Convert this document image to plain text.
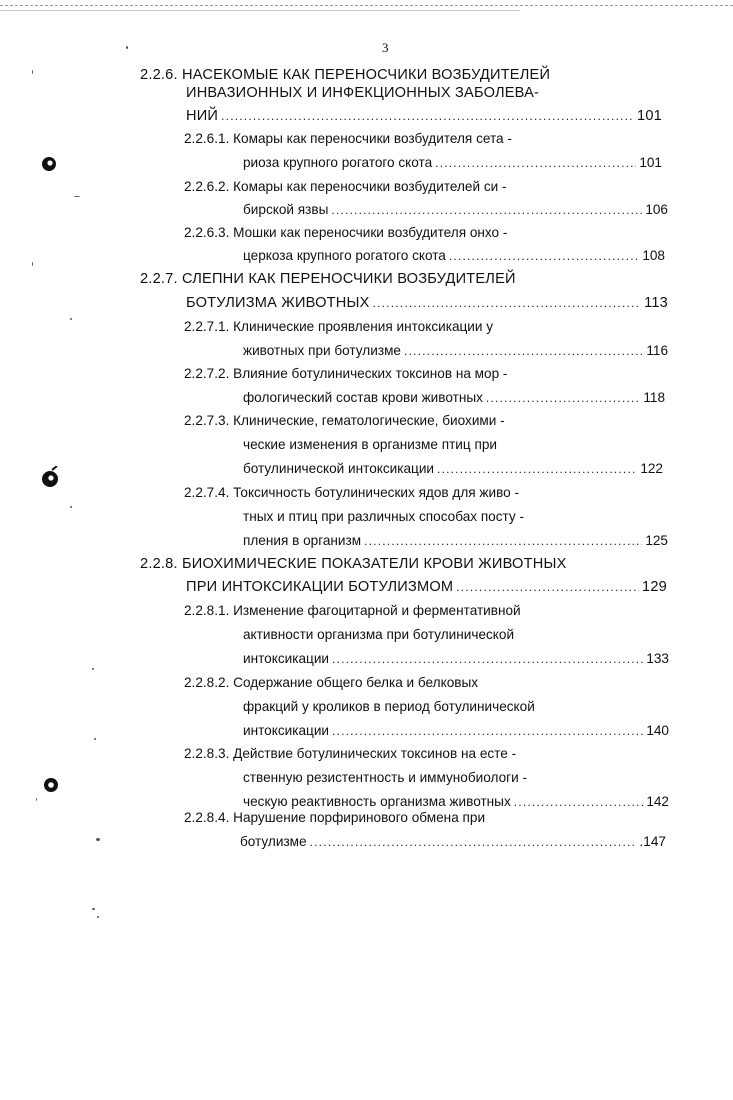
3
2.2.6. НАСЕКОМЫЕ КАК ПЕРЕНОСЧИКИ ВОЗБУДИТЕЛЕЙ
ИНВАЗИОННЫХ И ИНФЕКЦИОННЫХ ЗАБОЛЕВА-
НИЙ .....	101
2.2.6.1. Комары как переносчики возбудителя сета -
риоза крупного рогатого скота .....	101
2.2.6.2. Комары как переносчики возбудителей си -
бирской язвы .....	106
2.2.6.3. Мошки как переносчики возбудителя онхо -
церкоза крупного рогатого скота .....	108
2.2.7. СЛЕПНИ КАК ПЕРЕНОСЧИКИ ВОЗБУДИТЕЛЕЙ
БОТУЛИЗМА ЖИВОТНЫХ .....	113
2.2.7.1. Клинические проявления интоксикации у
животных при ботулизме .....	116
2.2.7.2. Влияние ботулинических токсинов на мор -
фологический состав крови животных .....	118
2.2.7.3. Клинические, гематологические, биохими -
ческие изменения в организме птиц при
ботулинической интоксикации .....	122
2.2.7.4. Токсичность ботулинических ядов для живо -
тных и птиц при различных способах посту -
пления в организм .....	125
2.2.8. БИОХИМИЧЕСКИЕ ПОКАЗАТЕЛИ КРОВИ ЖИВОТНЫХ
ПРИ ИНТОКСИКАЦИИ БОТУЛИЗМОМ .....	129
2.2.8.1. Изменение фагоцитарной и ферментативной
активности организма при ботулинической
интоксикации .....	133
2.2.8.2. Содержание общего белка и белковых
фракций у кроликов в период ботулинической
интоксикации .....	140
2.2.8.3. Действие ботулинических токсинов на есте -
ственную резистентность и иммунобиологи -
ческую реактивность организма животных .....	142
2.2.8.4. Нарушение порфиринового обмена при
ботулизме .....	.147
